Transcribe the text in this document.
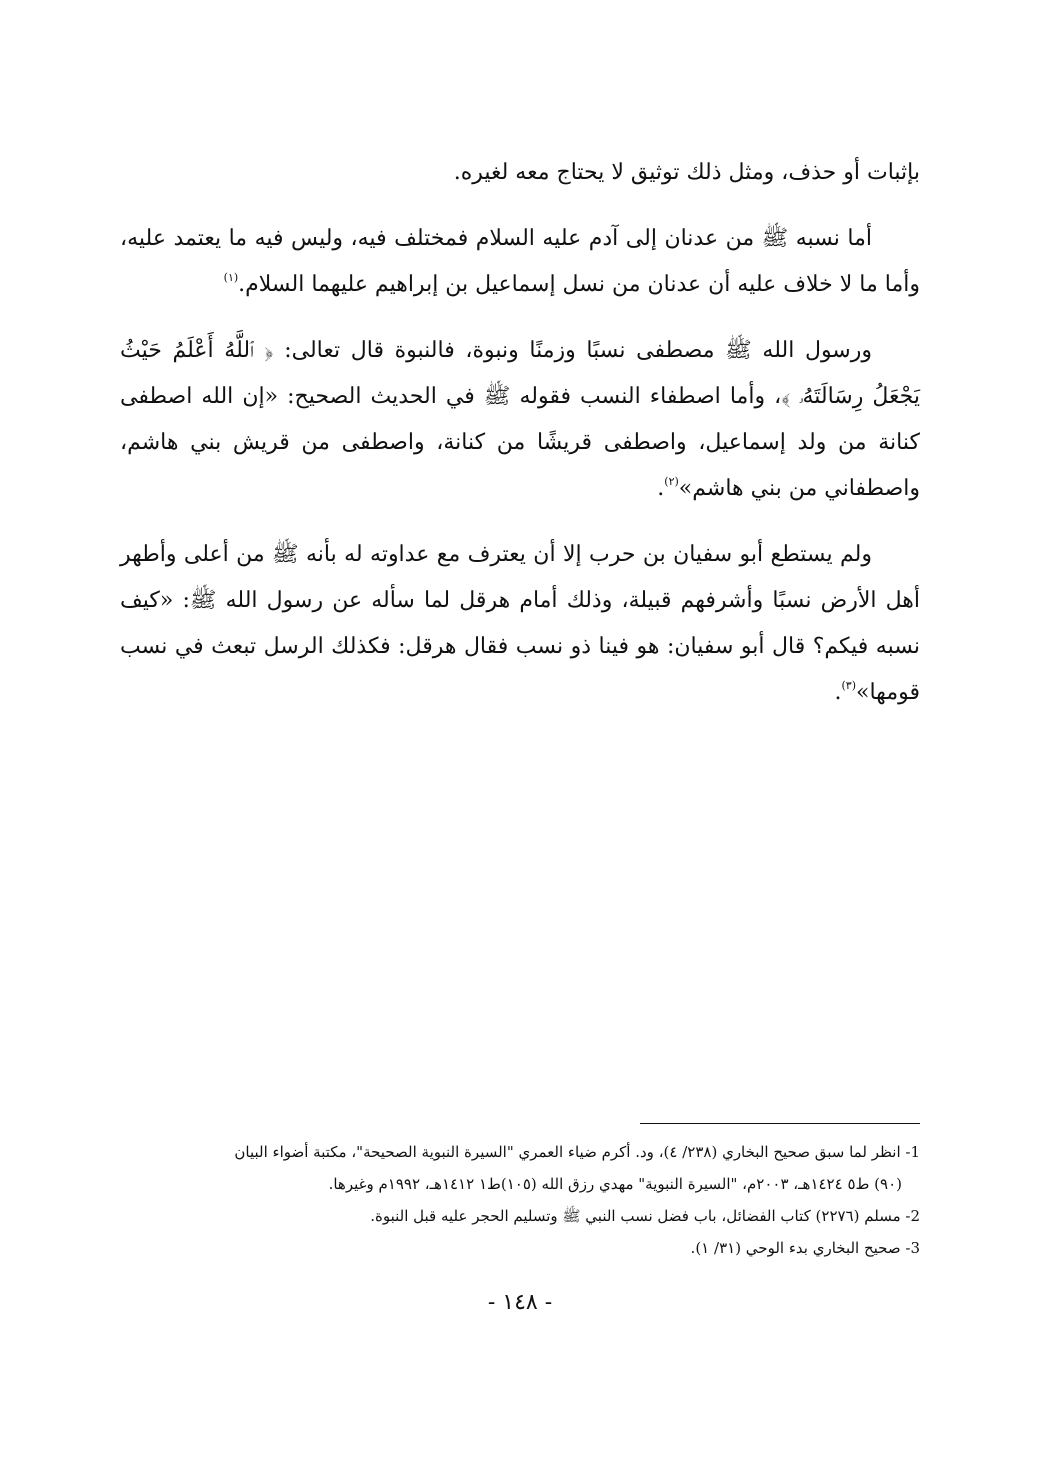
بإثبات أو حذف، ومثل ذلك توثيق لا يحتاج معه لغيره.

أما نسبه ﷺ من عدنان إلى آدم عليه السلام فمختلف فيه، وليس فيه ما يعتمد عليه، وأما ما لا خلاف عليه أن عدنان من نسل إسماعيل بن إبراهيم عليهما السلام.$^{(١)}$

ورسول الله ﷺ مصطفى نسبًا وزمنًا ونبوة، فالنبوة قال تعالى: ﴿ ٱللَّهُ أَعْلَمُ حَيْثُ يَجْعَلُ رِسَالَتَهُۥ ﴾، وأما اصطفاء النسب فقوله ﷺ في الحديث الصحيح: «إن الله اصطفى كنانة من ولد إسماعيل، واصطفى قريشًا من كنانة، واصطفى من قريش بني هاشم، واصطفاني من بني هاشم»$^{(٢)}$.

ولم يستطع أبو سفيان بن حرب إلا أن يعترف مع عداوته له بأنه ﷺ من أعلى وأطهر أهل الأرض نسبًا وأشرفهم قبيلة، وذلك أمام هرقل لما سأله عن رسول الله ﷺ: «كيف نسبه فيكم؟ قال أبو سفيان: هو فينا ذو نسب فقال هرقل: فكذلك الرسل تبعث في نسب قومها»$^{(٣)}$.

1- انظر لما سبق صحيح البخاري (٢٣٨/ ٤)، ود. أكرم ضياء العمري "السيرة النبوية الصحيحة"، مكتبة أضواء البيان

(٩٠) ط٥ ١٤٢٤هـ، ٢٠٠٣م، "السيرة النبوية" مهدي رزق الله (١٠٥)ط١ ١٤١٢هـ، ١٩٩٢م وغيرها.

2- مسلم (٢٢٧٦) كتاب الفضائل، باب فضل نسب النبي ﷺ وتسليم الحجر عليه قبل النبوة.

3- صحيح البخاري بدء الوحي (٣١/ ١).

- ١٤٨ -
